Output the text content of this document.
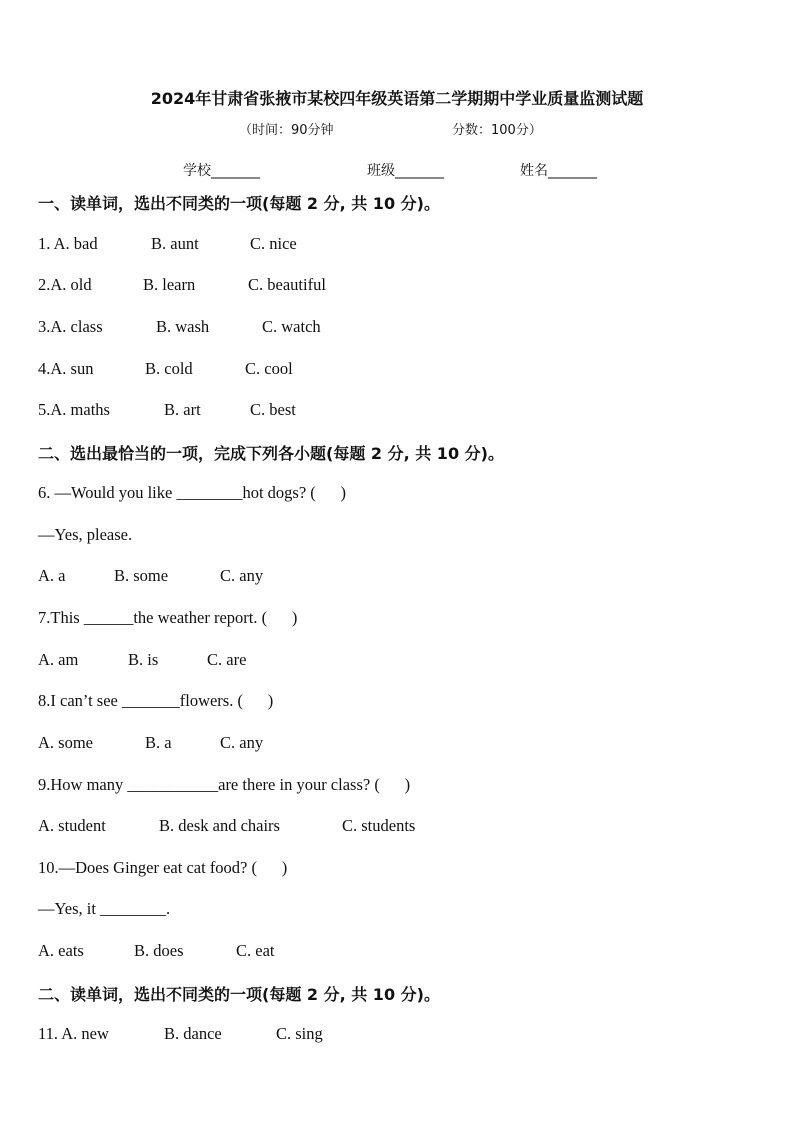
2024年甘肃省张掖市某校四年级英语第二学期期中学业质量监测试题
（时间：90分钟	分数：100分）
学校_______	班级_______	姓名_______
一、读单词，选出不同类的一项(每题 2 分, 共 10 分)。
1. A. bad	B. aunt	C. nice
2.A. old	B. learn	C. beautiful
3.A. class	B. wash	C. watch
4.A. sun	B. cold	C. cool
5.A. maths	B. art	C. best
二、选出最恰当的一项，完成下列各小题(每题 2 分, 共 10 分)。
6. —Would you like ________hot dogs? (      )
—Yes, please.
A. a	B. some	C. any
7.This ______the weather report. (      )
A. am	B. is	C. are
8.I can’t see _______flowers. (      )
A. some	B. a	C. any
9.How many ___________are there in your class? (      )
A. student	B. desk and chairs	C. students
10.—Does Ginger eat cat food? (      )
—Yes, it ________.
A. eats	B. does	C. eat
二、读单词，选出不同类的一项(每题 2 分, 共 10 分)。
11. A. new	B. dance	C. sing
